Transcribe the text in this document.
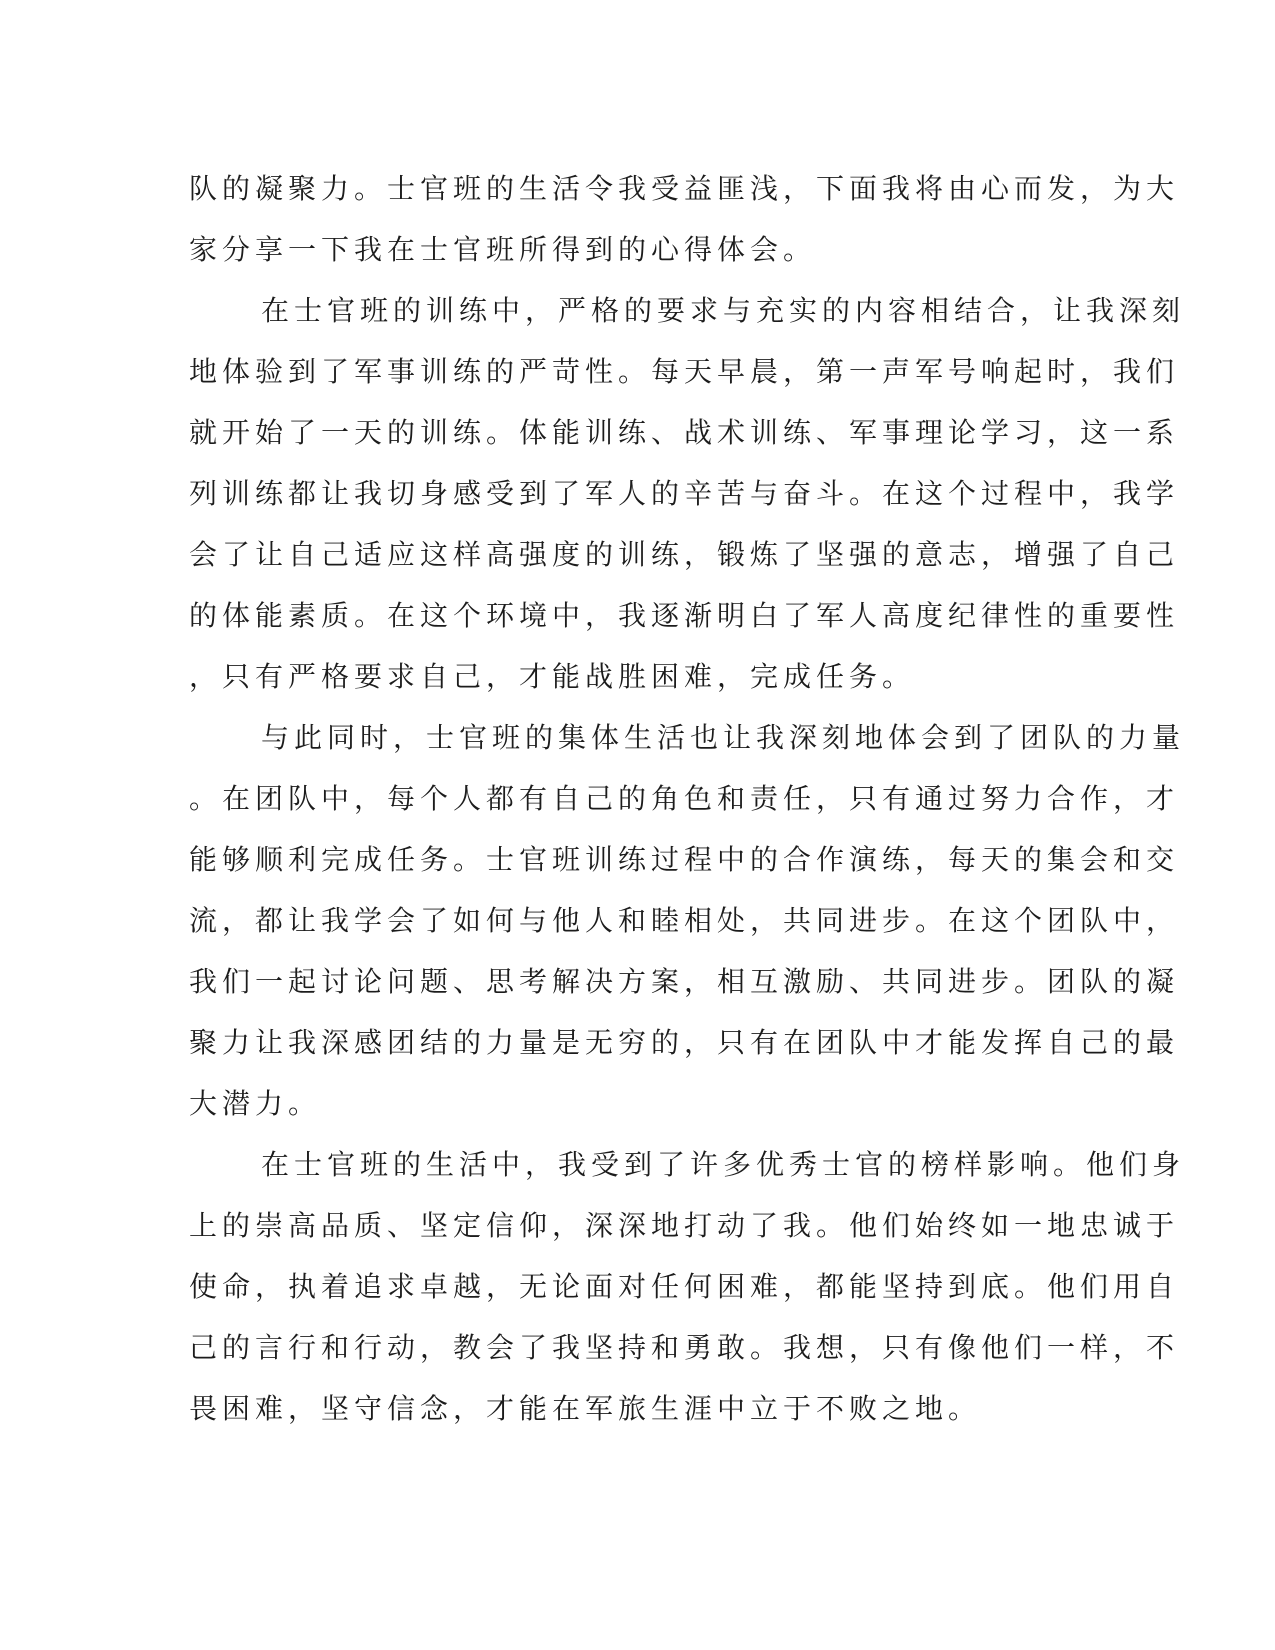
队的凝聚力。士官班的生活令我受益匪浅，下面我将由心而发，为大
家分享一下我在士官班所得到的心得体会。
在士官班的训练中，严格的要求与充实的内容相结合，让我深刻
地体验到了军事训练的严苛性。每天早晨，第一声军号响起时，我们
就开始了一天的训练。体能训练、战术训练、军事理论学习，这一系
列训练都让我切身感受到了军人的辛苦与奋斗。在这个过程中，我学
会了让自己适应这样高强度的训练，锻炼了坚强的意志，增强了自己
的体能素质。在这个环境中，我逐渐明白了军人高度纪律性的重要性
，只有严格要求自己，才能战胜困难，完成任务。
与此同时，士官班的集体生活也让我深刻地体会到了团队的力量
。在团队中，每个人都有自己的角色和责任，只有通过努力合作，才
能够顺利完成任务。士官班训练过程中的合作演练，每天的集会和交
流，都让我学会了如何与他人和睦相处，共同进步。在这个团队中，
我们一起讨论问题、思考解决方案，相互激励、共同进步。团队的凝
聚力让我深感团结的力量是无穷的，只有在团队中才能发挥自己的最
大潜力。
在士官班的生活中，我受到了许多优秀士官的榜样影响。他们身
上的崇高品质、坚定信仰，深深地打动了我。他们始终如一地忠诚于
使命，执着追求卓越，无论面对任何困难，都能坚持到底。他们用自
己的言行和行动，教会了我坚持和勇敢。我想，只有像他们一样，不
畏困难，坚守信念，才能在军旅生涯中立于不败之地。
